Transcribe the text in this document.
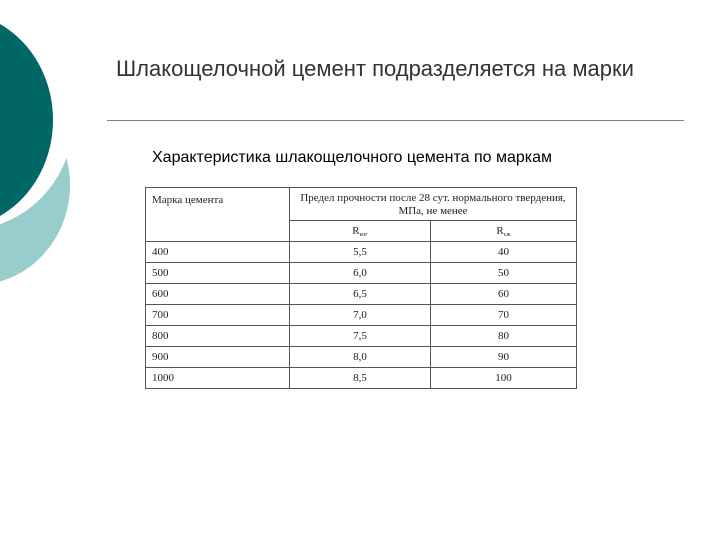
Шлакощелочной цемент подразделяется на марки
Характеристика шлакощелочного цемента по маркам
Марка цемента	Предел прочности после 28 сут. нормального твердения, МПа, не менее	
	$R_{изг}$	$R_{сж}$
400	5,5	40
500	6,0	50
600	6,5	60
700	7,0	70
800	7,5	80
900	8,0	90
1000	8,5	100
